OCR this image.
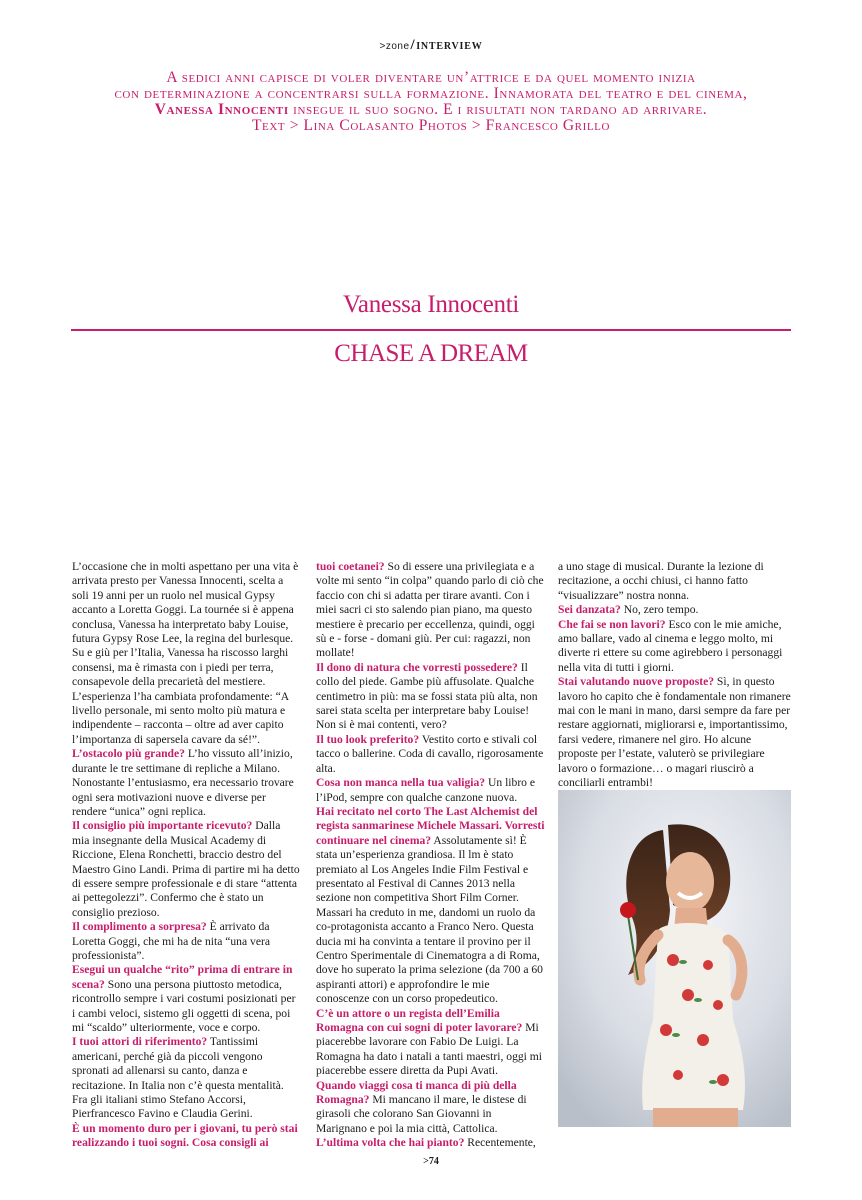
>zone/INTERVIEW
A sedici anni capisce di voler diventare un’attrice e da quel momento inizia
con determinazione a concentrarsi sulla formazione. Innamorata del teatro e del cinema,
Vanessa Innocenti insegue il suo sogno. E i risultati non tardano ad arrivare.
Text > Lina Colasanto Photos > Francesco Grillo
Vanessa Innocenti
CHASE A DREAM

L’occasione che in molti aspettano per una vita è arrivata presto per Vanessa Innocenti, scelta a soli 19 anni per un ruolo nel musical Gypsy accanto a Loretta Goggi. La tournée si è appena conclusa, Vanessa ha interpretato baby Louise, futura Gypsy Rose Lee, la regina del burlesque. Su e giù per l’Italia, Vanessa ha riscosso larghi consensi, ma è rimasta con i piedi per terra, consapevole della precarietà del mestiere. L’esperienza l’ha cambiata profondamente: “A livello personale, mi sento molto più matura e indipendente – racconta – oltre ad aver capito l’importanza di sapersela cavare da sé!”.

L’ostacolo più grande? L’ho vissuto all’inizio, durante le tre settimane di repliche a Milano. Nonostante l’entusiasmo, era necessario trovare ogni sera motivazioni nuove e diverse per rendere “unica” ogni replica.

Il consiglio più importante ricevuto? Dalla mia insegnante della Musical Academy di Riccione, Elena Ronchetti, braccio destro del Maestro Gino Landi. Prima di partire mi ha detto di essere sempre professionale e di stare “attenta ai pettegolezzi”. Confermo che è stato un consiglio prezioso.

Il complimento a sorpresa? È arrivato da Loretta Goggi, che mi ha de nita “una vera professionista”.

Esegui un qualche “rito” prima di entrare in scena? Sono una persona piuttosto metodica, ricontrollo sempre i vari costumi posizionati per i cambi veloci, sistemo gli oggetti di scena, poi mi “scaldo” ulteriormente, voce e corpo.

I tuoi attori di riferimento? Tantissimi americani, perché già da piccoli vengono spronati ad allenarsi su canto, danza e recitazione. In Italia non c’è questa mentalità. Fra gli italiani stimo Stefano Accorsi, Pierfrancesco Favino e Claudia Gerini.

È un momento duro per i giovani, tu però stai realizzando i tuoi sogni. Cosa consigli ai

tuoi coetanei? So di essere una privilegiata e a volte mi sento “in colpa” quando parlo di ciò che faccio con chi si adatta per tirare avanti. Con i miei sacri ci sto salendo pian piano, ma questo mestiere è precario per eccellenza, quindi, oggi sù e - forse - domani giù. Per cui: ragazzi, non mollate!

Il dono di natura che vorresti possedere? Il collo del piede. Gambe più affusolate. Qualche centimetro in più: ma se fossi stata più alta, non sarei stata scelta per interpretare baby Louise! Non si è mai contenti, vero?

Il tuo look preferito? Vestito corto e stivali col tacco o ballerine. Coda di cavallo, rigorosamente alta.

Cosa non manca nella tua valigia? Un libro e l’iPod, sempre con qualche canzone nuova.

Hai recitato nel corto The Last Alchemist del regista sanmarinese Michele Massari. Vorresti continuare nel cinema? Assolutamente sì! È stata un’esperienza grandiosa. Il lm è stato premiato al Los Angeles Indie Film Festival e presentato al Festival di Cannes 2013 nella sezione non competitiva Short Film Corner. Massari ha creduto in me, dandomi un ruolo da co-protagonista accanto a Franco Nero. Questa ducia mi ha convinta a tentare il provino per il Centro Sperimentale di Cinematogra a di Roma, dove ho superato la prima selezione (da 700 a 60 aspiranti attori) e approfondire le mie conoscenze con un corso propedeutico.

C’è un attore o un regista dell’Emilia Romagna con cui sogni di poter lavorare? Mi piacerebbe lavorare con Fabio De Luigi. La Romagna ha dato i natali a tanti maestri, oggi mi piacerebbe essere diretta da Pupi Avati.

Quando viaggi cosa ti manca di più della Romagna? Mi mancano il mare, le distese di girasoli che colorano San Giovanni in Marignano e poi la mia città, Cattolica.

L’ultima volta che hai pianto? Recentemente,

a uno stage di musical. Durante la lezione di recitazione, a occhi chiusi, ci hanno fatto “visualizzare” nostra nonna.

Sei danzata? No, zero tempo.

Che fai se non lavori? Esco con le mie amiche, amo ballare, vado al cinema e leggo molto, mi diverte ri ettere su come agirebbero i personaggi nella vita di tutti i giorni.

Stai valutando nuove proposte? Sì, in questo lavoro ho capito che è fondamentale non rimanere mai con le mani in mano, darsi sempre da fare per restare aggiornati, migliorarsi e, importantissimo, farsi vedere, rimanere nel giro. Ho alcune proposte per l’estate, valuterò se privilegiare lavoro o formazione… o magari riuscirò a conciliarli entrambi!

>74
